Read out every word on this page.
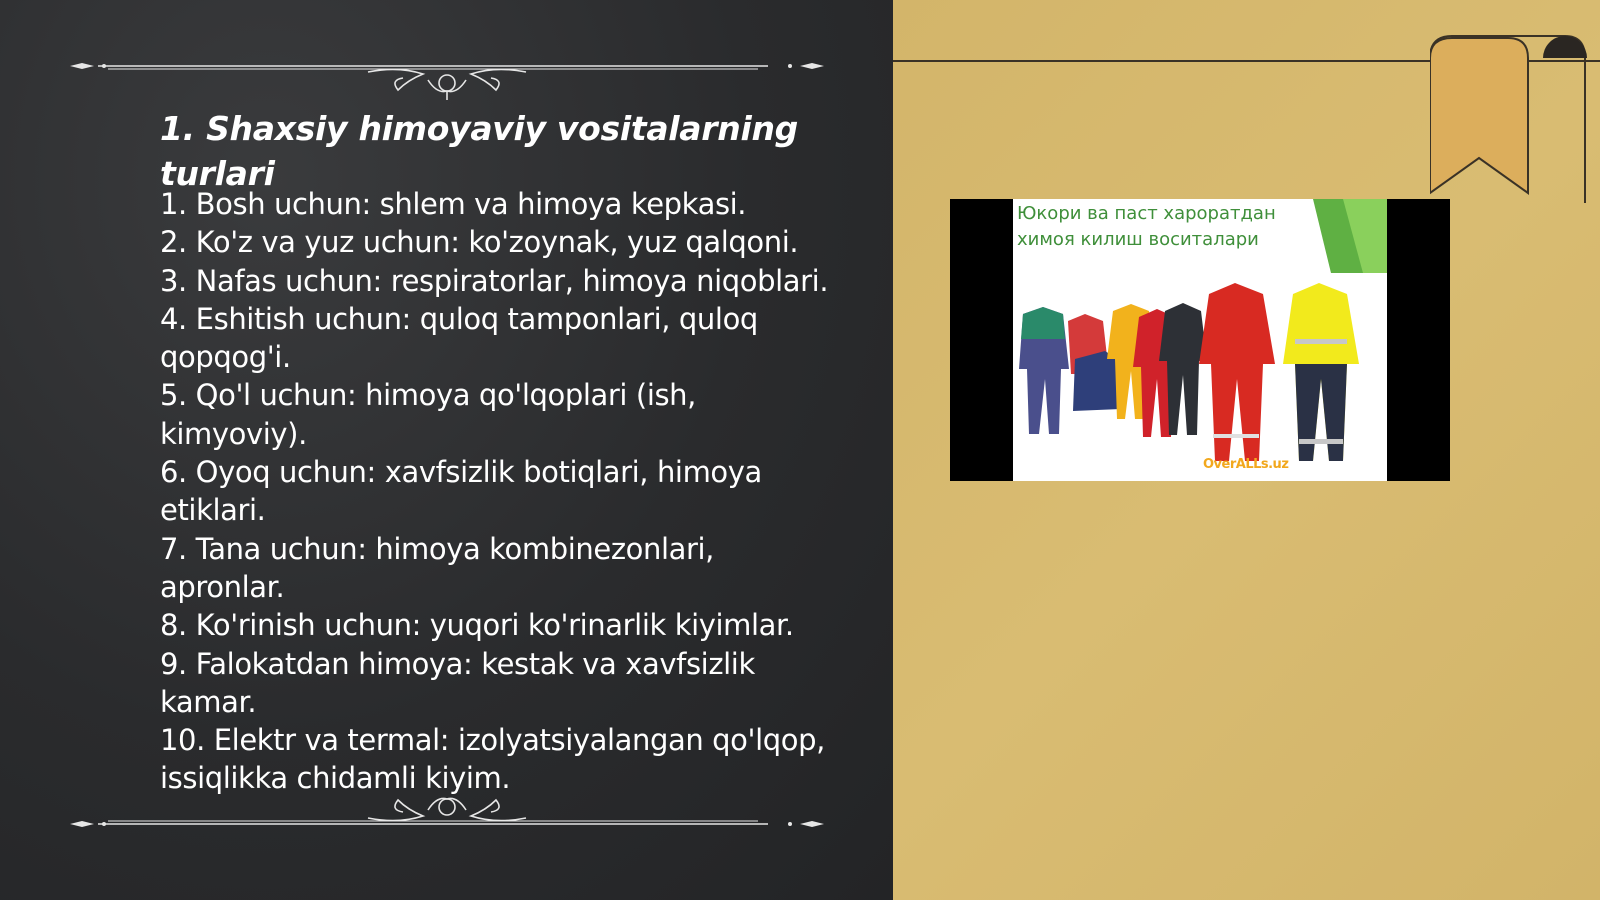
1. Shaxsiy himoyaviy vositalarning turlari
1. Bosh uchun: shlem va himoya kepkasi.
2. Ko'z va yuz uchun: ko'zoynak, yuz qalqoni.
3. Nafas uchun: respiratorlar, himoya niqoblari.
4. Eshitish uchun: quloq tamponlari, quloq qopqog'i.
5. Qo'l uchun: himoya qo'lqoplari (ish, kimyoviy).
6. Oyoq uchun: xavfsizlik botiqlari, himoya etiklari.
7. Tana uchun: himoya kombinezonlari, apronlar.
8. Ko'rinish uchun: yuqori ko'rinarlik kiyimlar.
9. Falokatdan himoya: kestak va xavfsizlik kamar.
10. Elektr va termal: izolyatsiyalangan qo'lqop, issiqlikka chidamli kiyim.
Юкори ва паст хароратдан химоя килиш воситалари
OverALLs.uz
